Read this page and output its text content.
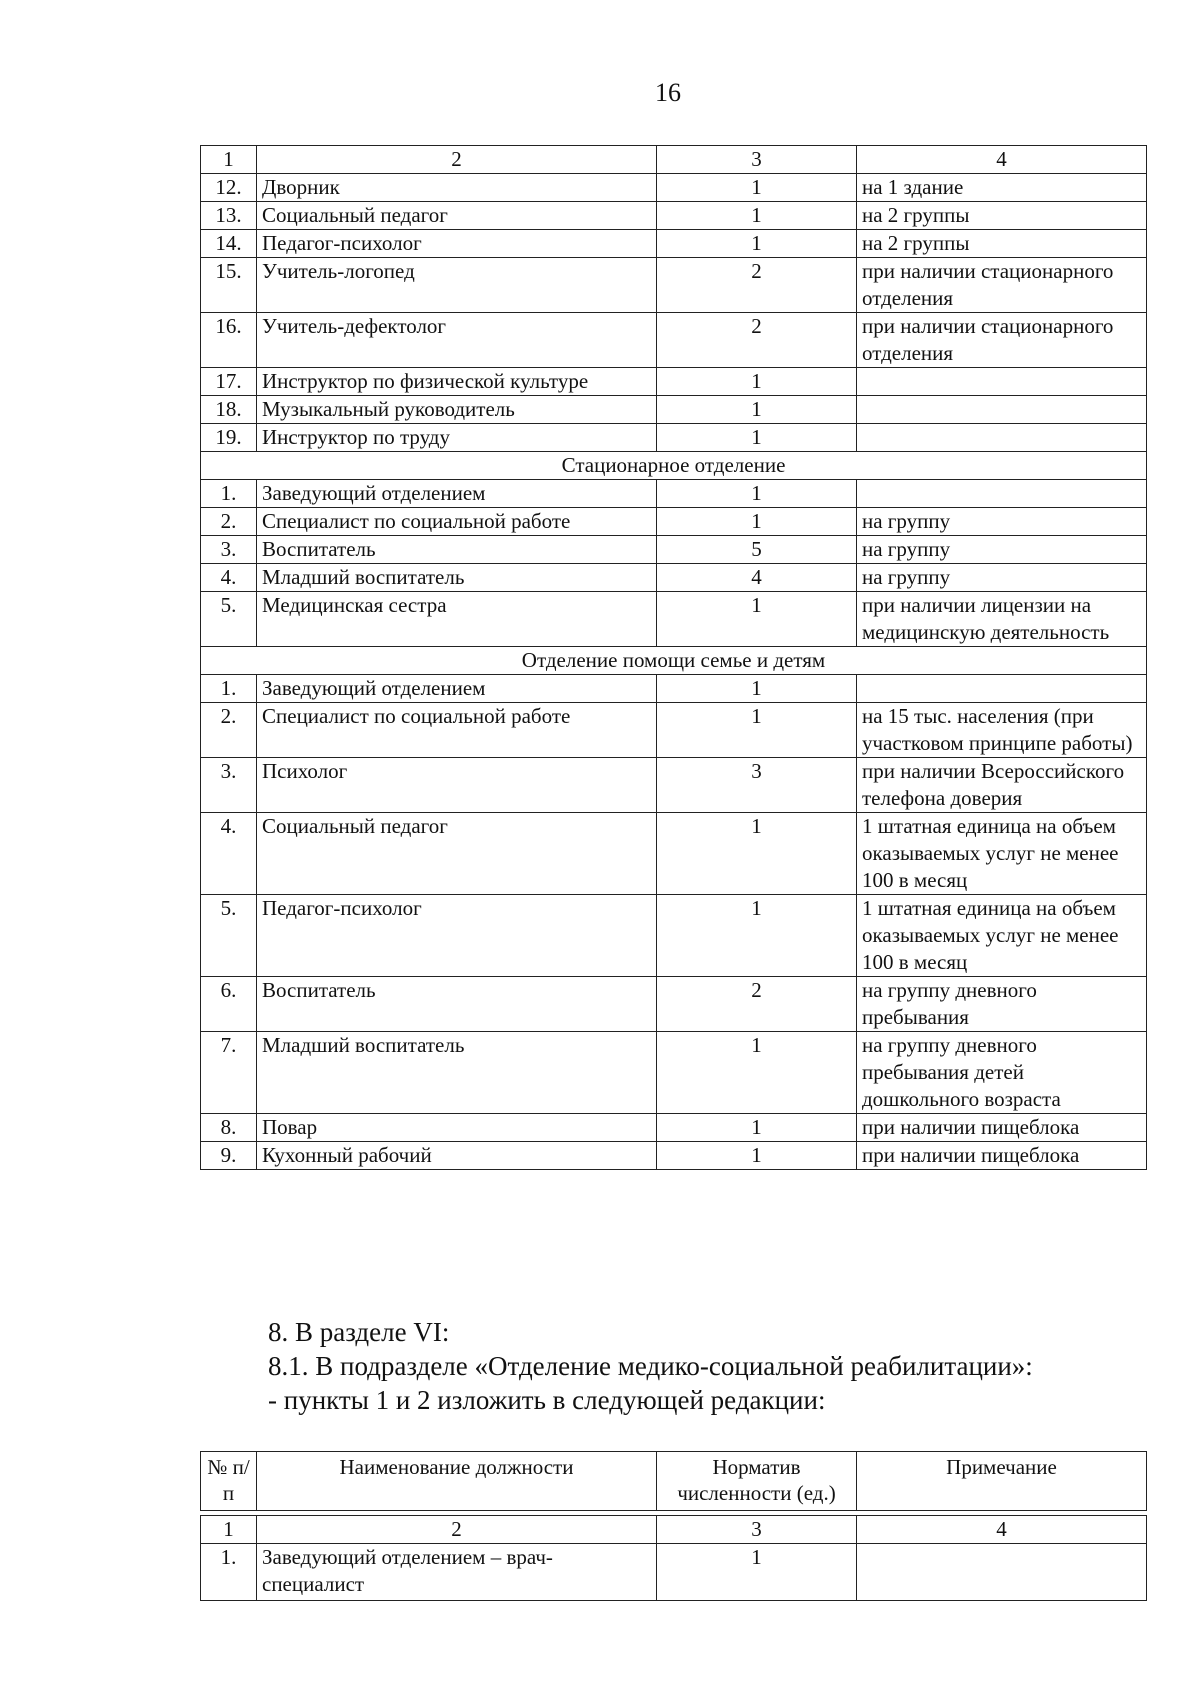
16
1	2	3	4
12.	Дворник	1	на 1 здание
13.	Социальный педагог	1	на 2 группы
14.	Педагог-психолог	1	на 2 группы
15.	Учитель-логопед	2	при наличии стационарного отделения
16.	Учитель-дефектолог	2	при наличии стационарного отделения
17.	Инструктор по физической культуре	1	
18.	Музыкальный руководитель	1	
19.	Инструктор по труду	1	
Стационарное отделение			
1.	Заведующий отделением	1	
2.	Специалист по социальной работе	1	на группу
3.	Воспитатель	5	на группу
4.	Младший воспитатель	4	на группу
5.	Медицинская сестра	1	при наличии лицензии на медицинскую деятельность
Отделение помощи семье и детям			
1.	Заведующий отделением	1	
2.	Специалист по социальной работе	1	на 15 тыс. населения (при участковом принципе работы)
3.	Психолог	3	при наличии Всероссийского телефона доверия
4.	Социальный педагог	1	1 штатная единица на объем оказываемых услуг не менее 100 в месяц
5.	Педагог-психолог	1	1 штатная единица на объем оказываемых услуг не менее 100 в месяц
6.	Воспитатель	2	на группу дневного пребывания
7.	Младший воспитатель	1	на группу дневного пребывания детей дошкольного возраста
8.	Повар	1	при наличии пищеблока
9.	Кухонный рабочий	1	при наличии пищеблока
8. В разделе VI:
8.1. В подразделе «Отделение медико-социальной реабилитации»:
- пункты 1 и 2 изложить в следующей редакции:
№ п/п	Наименование должности	Норматив численности (ед.)	Примечание

1	2	3	4
1.	Заведующий отделением – врач-специалист	1	
